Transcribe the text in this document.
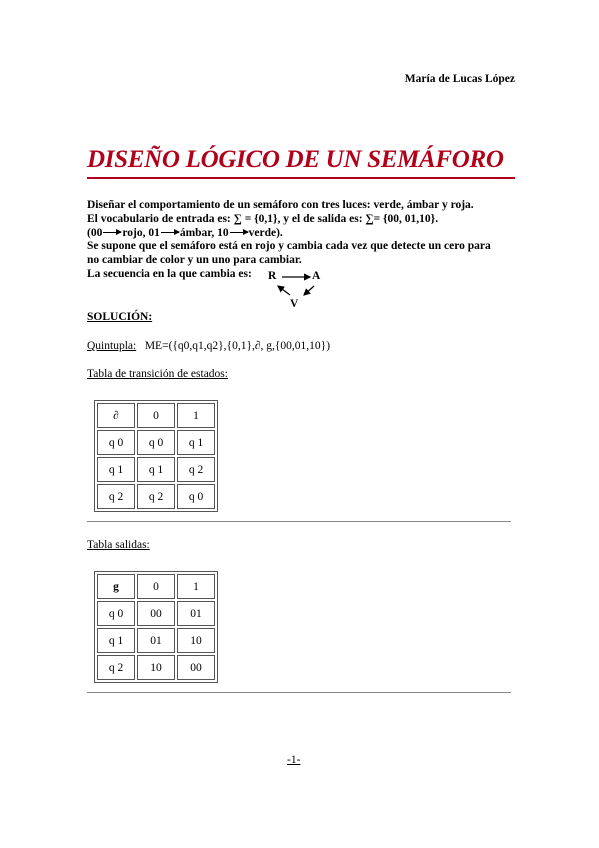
María de Lucas López
DISEÑO LÓGICO DE UN SEMÁFORO

Diseñar el comportamiento de un semáforo con tres luces: verde, ámbar y roja.

El vocabulario de entrada es: ∑ = {0,1}, y el de salida es: ∑= {00, 01,10}.

(00 rojo, 01 ámbar, 10 verde).

Se supone que el semáforo está en rojo y cambia cada vez que detecte un cero para

no cambiar de color y un uno para cambiar.

La secuencia en la que cambia es:	R	A
V
SOLUCIÓN:
Quintupla: ME=({q0,q1,q2},{0,1},∂, g,{00,01,10})
Tabla de transición de estados:
∂	0	1
q 0	q 0	q 1
q 1	q 1	q 2
q 2	q 2	q 0
Tabla salidas:
g	0	1
q 0	00	01
q 1	01	10
q 2	10	00
-1-
